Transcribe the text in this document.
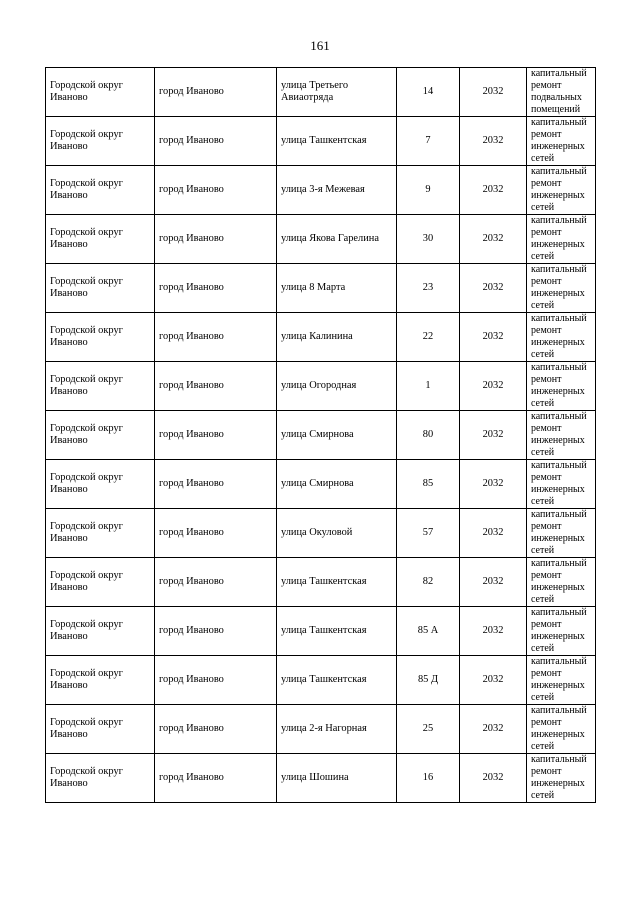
161
Городской округ Иваново	город Иваново	улица Третьего Авиаотряда	14	2032	капитальный ремонт подвальных помещений
Городской округ Иваново	город Иваново	улица Ташкентская	7	2032	капитальный ремонт инженерных сетей
Городской округ Иваново	город Иваново	улица 3-я Межевая	9	2032	капитальный ремонт инженерных сетей
Городской округ Иваново	город Иваново	улица Якова Гарелина	30	2032	капитальный ремонт инженерных сетей
Городской округ Иваново	город Иваново	улица 8 Марта	23	2032	капитальный ремонт инженерных сетей
Городской округ Иваново	город Иваново	улица Калинина	22	2032	капитальный ремонт инженерных сетей
Городской округ Иваново	город Иваново	улица Огородная	1	2032	капитальный ремонт инженерных сетей
Городской округ Иваново	город Иваново	улица Смирнова	80	2032	капитальный ремонт инженерных сетей
Городской округ Иваново	город Иваново	улица Смирнова	85	2032	капитальный ремонт инженерных сетей
Городской округ Иваново	город Иваново	улица Окуловой	57	2032	капитальный ремонт инженерных сетей
Городской округ Иваново	город Иваново	улица Ташкентская	82	2032	капитальный ремонт инженерных сетей
Городской округ Иваново	город Иваново	улица Ташкентская	85 А	2032	капитальный ремонт инженерных сетей
Городской округ Иваново	город Иваново	улица Ташкентская	85 Д	2032	капитальный ремонт инженерных сетей
Городской округ Иваново	город Иваново	улица 2-я Нагорная	25	2032	капитальный ремонт инженерных сетей
Городской округ Иваново	город Иваново	улица Шошина	16	2032	капитальный ремонт инженерных сетей
